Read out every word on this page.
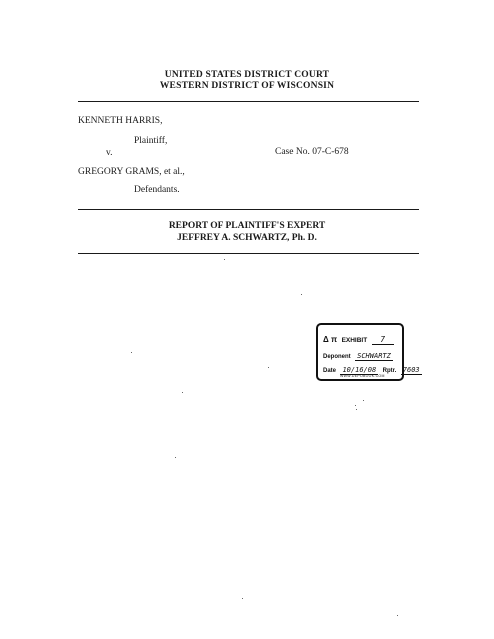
UNITED STATES DISTRICT COURT
WESTERN DISTRICT OF WISCONSIN
KENNETH HARRIS,
Plaintiff,
v.	Case No. 07-C-678
GREGORY GRAMS, et al.,
Defendants.
REPORT OF PLAINTIFF'S EXPERT
JEFFREY A. SCHWARTZ, Ph. D.
Δ π EXHIBIT 7
Deponent SCHWARTZ
Date 10/16/08 Rptr. 7603
WWW.DEPOBOOK.COM
